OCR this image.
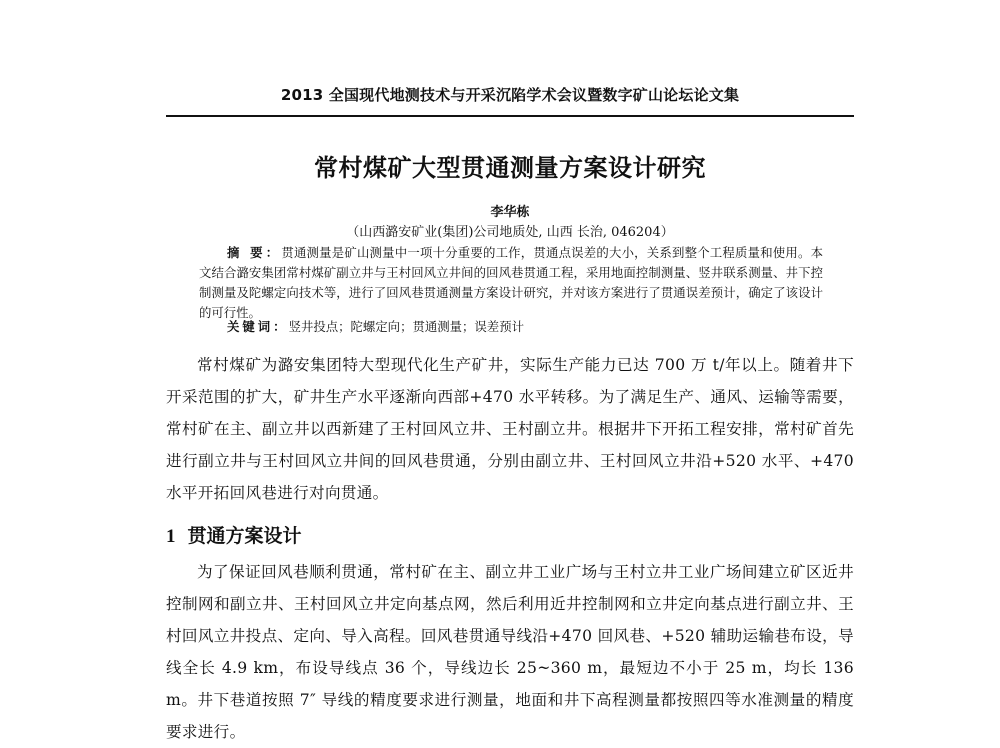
2013 全国现代地测技术与开采沉陷学术会议暨数字矿山论坛论文集
常村煤矿大型贯通测量方案设计研究
李华栋
（山西潞安矿业(集团)公司地质处, 山西 长治, 046204）
摘 要：贯通测量是矿山测量中一项十分重要的工作，贯通点误差的大小，关系到整个工程质量和使用。本文结合潞安集团常村煤矿副立井与王村回风立井间的回风巷贯通工程，采用地面控制测量、竖井联系测量、井下控制测量及陀螺定向技术等，进行了回风巷贯通测量方案设计研究，并对该方案进行了贯通误差预计，确定了该设计的可行性。
关键词：竖井投点；陀螺定向；贯通测量；误差预计
常村煤矿为潞安集团特大型现代化生产矿井，实际生产能力已达 700 万 t/年以上。随着井下开采范围的扩大，矿井生产水平逐渐向西部+470 水平转移。为了满足生产、通风、运输等需要，常村矿在主、副立井以西新建了王村回风立井、王村副立井。根据井下开拓工程安排，常村矿首先进行副立井与王村回风立井间的回风巷贯通，分别由副立井、王村回风立井沿+520 水平、+470 水平开拓回风巷进行对向贯通。
1 贯通方案设计
为了保证回风巷顺利贯通，常村矿在主、副立井工业广场与王村立井工业广场间建立矿区近井控制网和副立井、王村回风立井定向基点网，然后利用近井控制网和立井定向基点进行副立井、王村回风立井投点、定向、导入高程。回风巷贯通导线沿+470 回风巷、+520 辅助运输巷布设，导线全长 4.9 km，布设导线点 36 个，导线边长 25~360 m，最短边不小于 25 m，均长 136 m。井下巷道按照 7″ 导线的精度要求进行测量，地面和井下高程测量都按照四等水准测量的精度要求进行。
